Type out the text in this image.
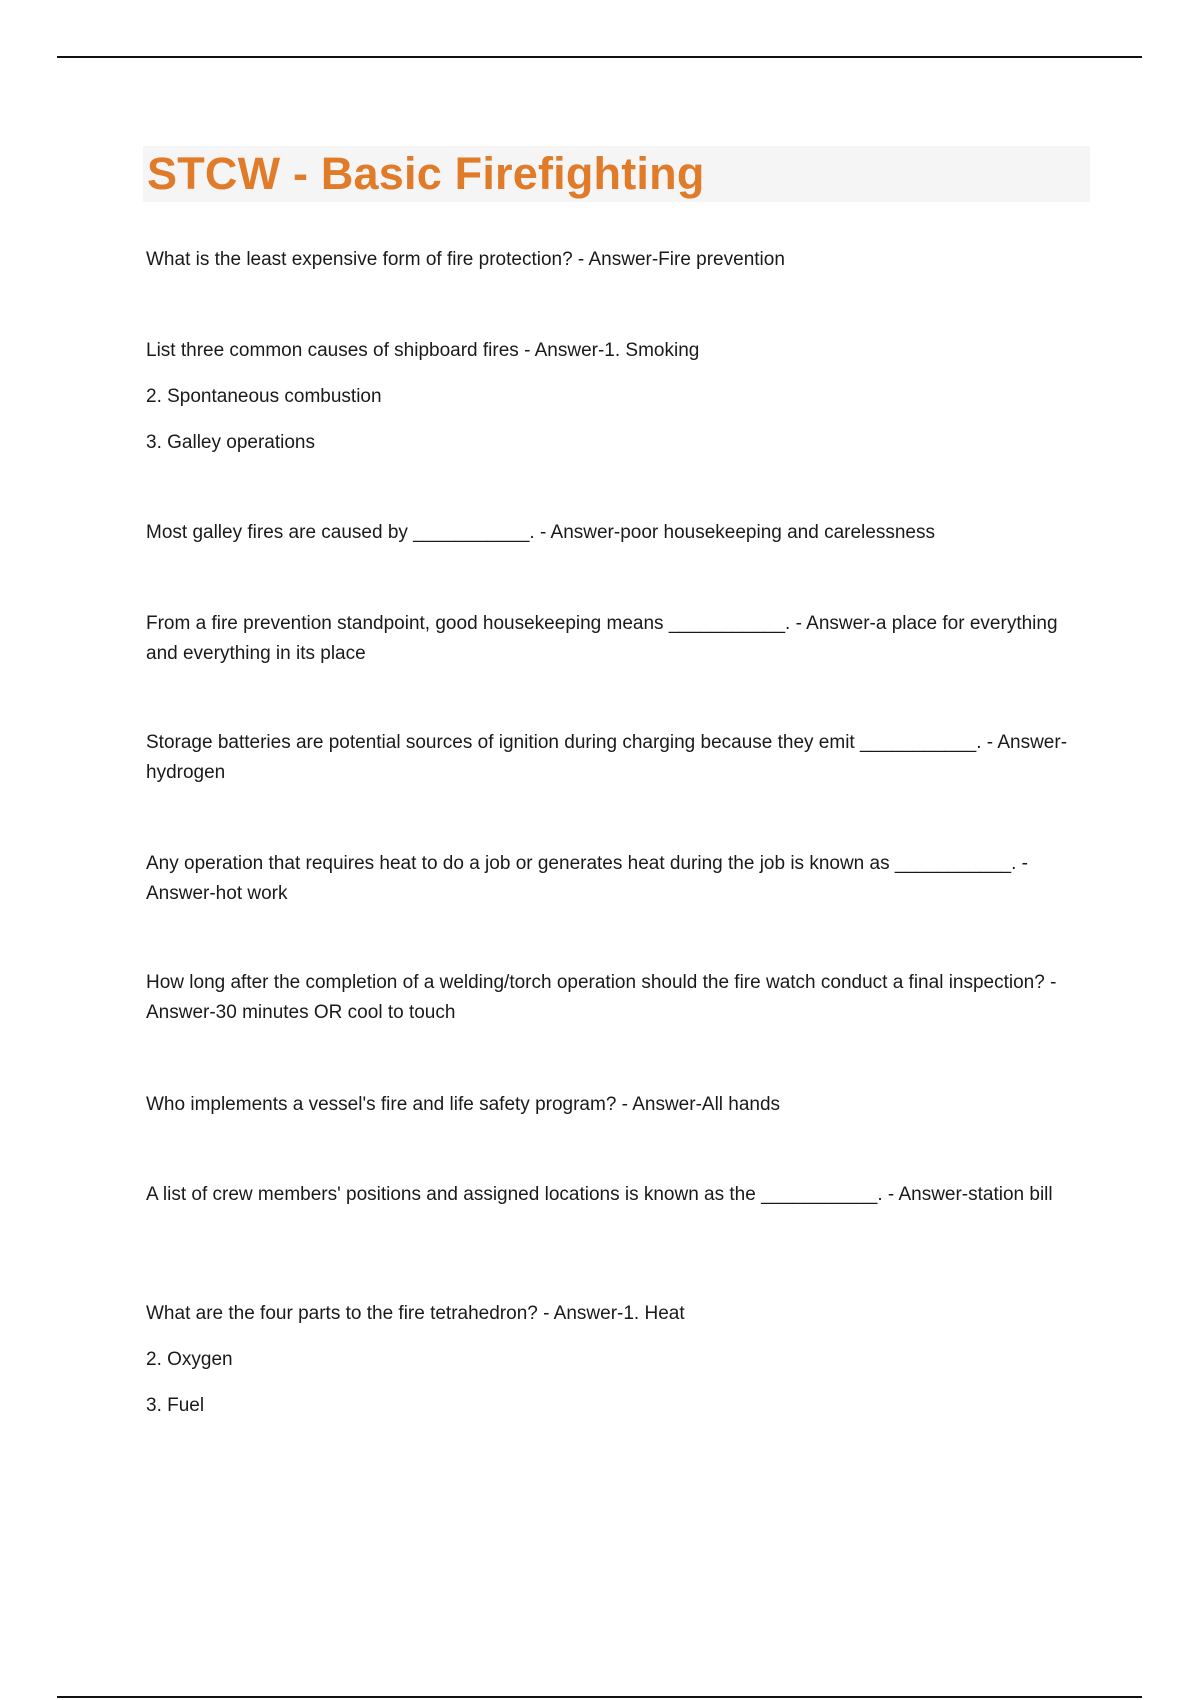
STCW - Basic Firefighting

What is the least expensive form of fire protection? - Answer-Fire prevention

List three common causes of shipboard fires - Answer-1. Smoking

2. Spontaneous combustion

3. Galley operations

Most galley fires are caused by ___________. - Answer-poor housekeeping and carelessness

From a fire prevention standpoint, good housekeeping means ___________. - Answer-a place for everything and everything in its place

Storage batteries are potential sources of ignition during charging because they emit ___________. - Answer-hydrogen

Any operation that requires heat to do a job or generates heat during the job is known as ___________. - Answer-hot work

How long after the completion of a welding/torch operation should the fire watch conduct a final inspection? - Answer-30 minutes OR cool to touch

Who implements a vessel's fire and life safety program? - Answer-All hands

A list of crew members' positions and assigned locations is known as the ___________. - Answer-station bill

What are the four parts to the fire tetrahedron? - Answer-1. Heat

2. Oxygen

3. Fuel
